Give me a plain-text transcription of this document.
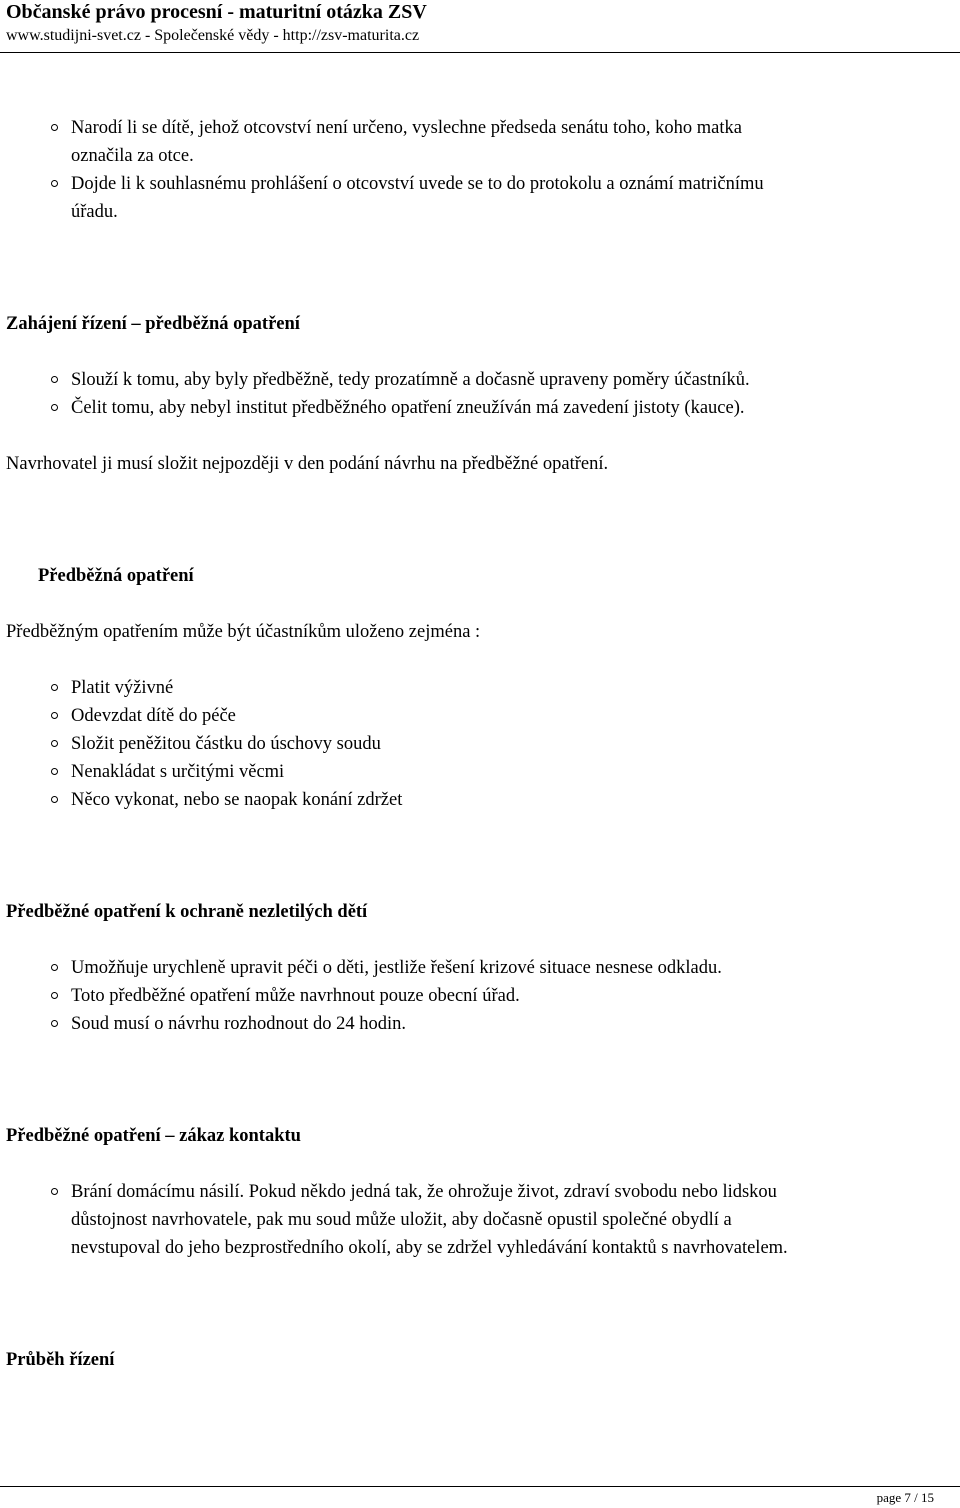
Občanské právo procesní - maturitní otázka ZSV
www.studijni-svet.cz - Společenské vědy - http://zsv-maturita.cz
Narodí li se dítě, jehož otcovství není určeno, vyslechne předseda senátu toho, koho matka
označila za otce.
Dojde li k souhlasnému prohlášení o otcovství uvede se to do protokolu a oznámí matričnímu
úřadu.
Zahájení řízení – předběžná opatření
Slouží k tomu, aby byly předběžně, tedy prozatímně a dočasně upraveny poměry účastníků.
Čelit tomu, aby nebyl institut předběžného opatření zneužíván má zavedení jistoty (kauce).
Navrhovatel ji musí složit nejpozději v den podání návrhu na předběžné opatření.
Předběžná opatření
Předběžným opatřením může být účastníkům uloženo zejména :
Platit výživné
Odevzdat dítě do péče
Složit peněžitou částku do úschovy soudu
Nenakládat s určitými věcmi
Něco vykonat, nebo se naopak konání zdržet
Předběžné opatření k ochraně nezletilých dětí
Umožňuje urychleně upravit péči o děti, jestliže řešení krizové situace nesnese odkladu.
Toto předběžné opatření může navrhnout pouze obecní úřad.
Soud musí o návrhu rozhodnout do 24 hodin.
Předběžné opatření – zákaz kontaktu
Brání domácímu násilí. Pokud někdo jedná tak, že ohrožuje život, zdraví svobodu nebo lidskou
důstojnost navrhovatele, pak mu soud může uložit, aby dočasně opustil společné obydlí a
nevstupoval do jeho bezprostředního okolí, aby se zdržel vyhledávání kontaktů s navrhovatelem.
Průběh řízení
page 7 / 15
